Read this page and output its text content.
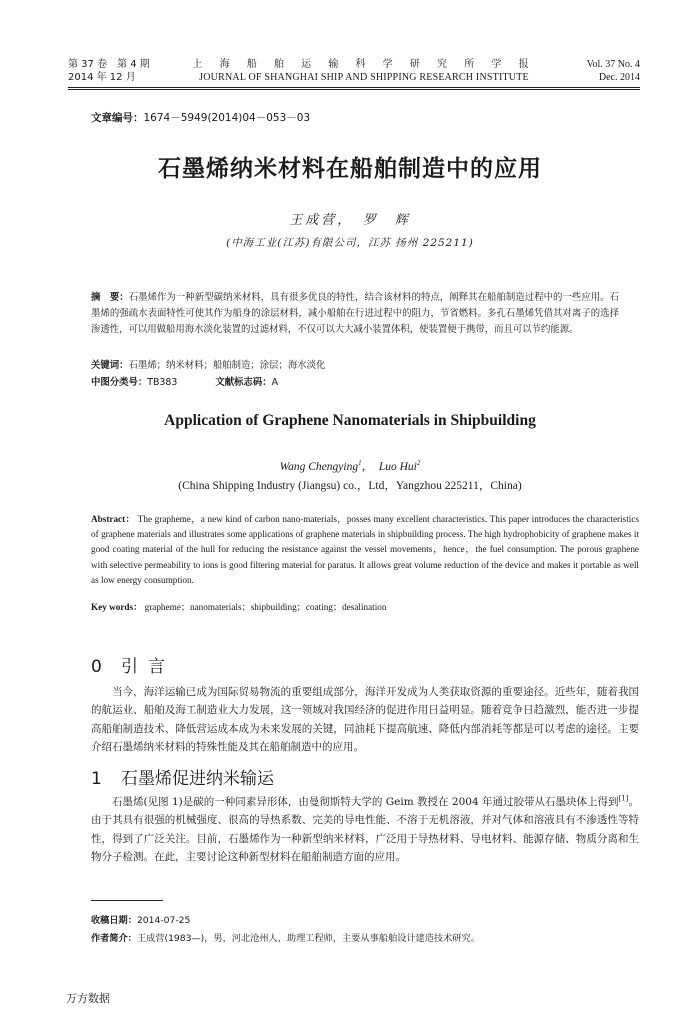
第 37 卷　第 4 期
2014 年 12 月
上 海 船 舶 运 输 科 学 研 究 所 学 报
JOURNAL OF SHANGHAI SHIP AND SHIPPING RESEARCH INSTITUTE
Vol. 37 No. 4
Dec. 2014
文章编号：1674－5949(2014)04－053－03
石墨烯纳米材料在船舶制造中的应用
王成营，　罗　辉
(中海工业(江苏)有限公司，江苏 扬州 225211)
摘　要：石墨烯作为一种新型碳纳米材料，具有很多优良的特性，结合该材料的特点，阐释其在船舶制造过程中的一些应用。石墨烯的强疏水表面特性可使其作为船身的涂层材料，减小船舶在行进过程中的阻力，节省燃料。多孔石墨烯凭借其对离子的选择渗透性，可以用做船用海水淡化装置的过滤材料，不仅可以大大减小装置体积，使装置便于携带，而且可以节约能源。
关键词：石墨烯；纳米材料；船舶制造；涂层；海水淡化
中图分类号：TB383	文献标志码：A
Application of Graphene Nanomaterials in Shipbuilding
Wang Chengying$^1$， Luo Hui$^2$
(China Shipping Industry (Jiangsu) co.，Ltd，Yangzhou 225211，China)
Abstract： The grapheme，a new kind of carbon nano-materials，posses many excellent characteristics. This paper introduces the characteristics of graphene materials and illustrates some applications of graphene materials in shipbuilding process. The high hydrophobicity of graphene makes it good coating material of the hull for reducing the resistance against the vessel movements，hence，the fuel consumption. The porous graphene with selective permeability to ions is good filtering material for paratus. It allows great volume reduction of the device and makes it portable as well as low energy consumption.
Key words： grapheme；nanomaterials；shipbuilding；coating；desalination
0 引言
当今，海洋运输已成为国际贸易物流的重要组成部分，海洋开发成为人类获取资源的重要途径。近些年，随着我国的航运业、船舶及海工制造业大力发展，这一领域对我国经济的促进作用日益明显。随着竞争日趋激烈，能否进一步提高船舶制造技术、降低营运成本成为未来发展的关键，同油耗下提高航速、降低内部消耗等都是可以考虑的途径。主要介绍石墨烯纳米材料的特殊性能及其在船舶制造中的应用。
1 石墨烯促进纳米输运
石墨烯(见图 1)是碳的一种同素异形体，由曼彻斯特大学的 Geim 教授在 2004 年通过胶带从石墨块体上得到[1]。由于其具有很强的机械强度、很高的导热系数、完美的导电性能、不溶于无机溶液，并对气体和溶液具有不渗透性等特性，得到了广泛关注。目前，石墨烯作为一种新型纳米材料，广泛用于导热材料、导电材料、能源存储、物质分离和生物分子检测。在此，主要讨论这种新型材料在船舶制造方面的应用。
收稿日期：2014-07-25
作者简介：王成营(1983—)，男，河北沧州人，助理工程师，主要从事船舶设计建造技术研究。
万方数据
